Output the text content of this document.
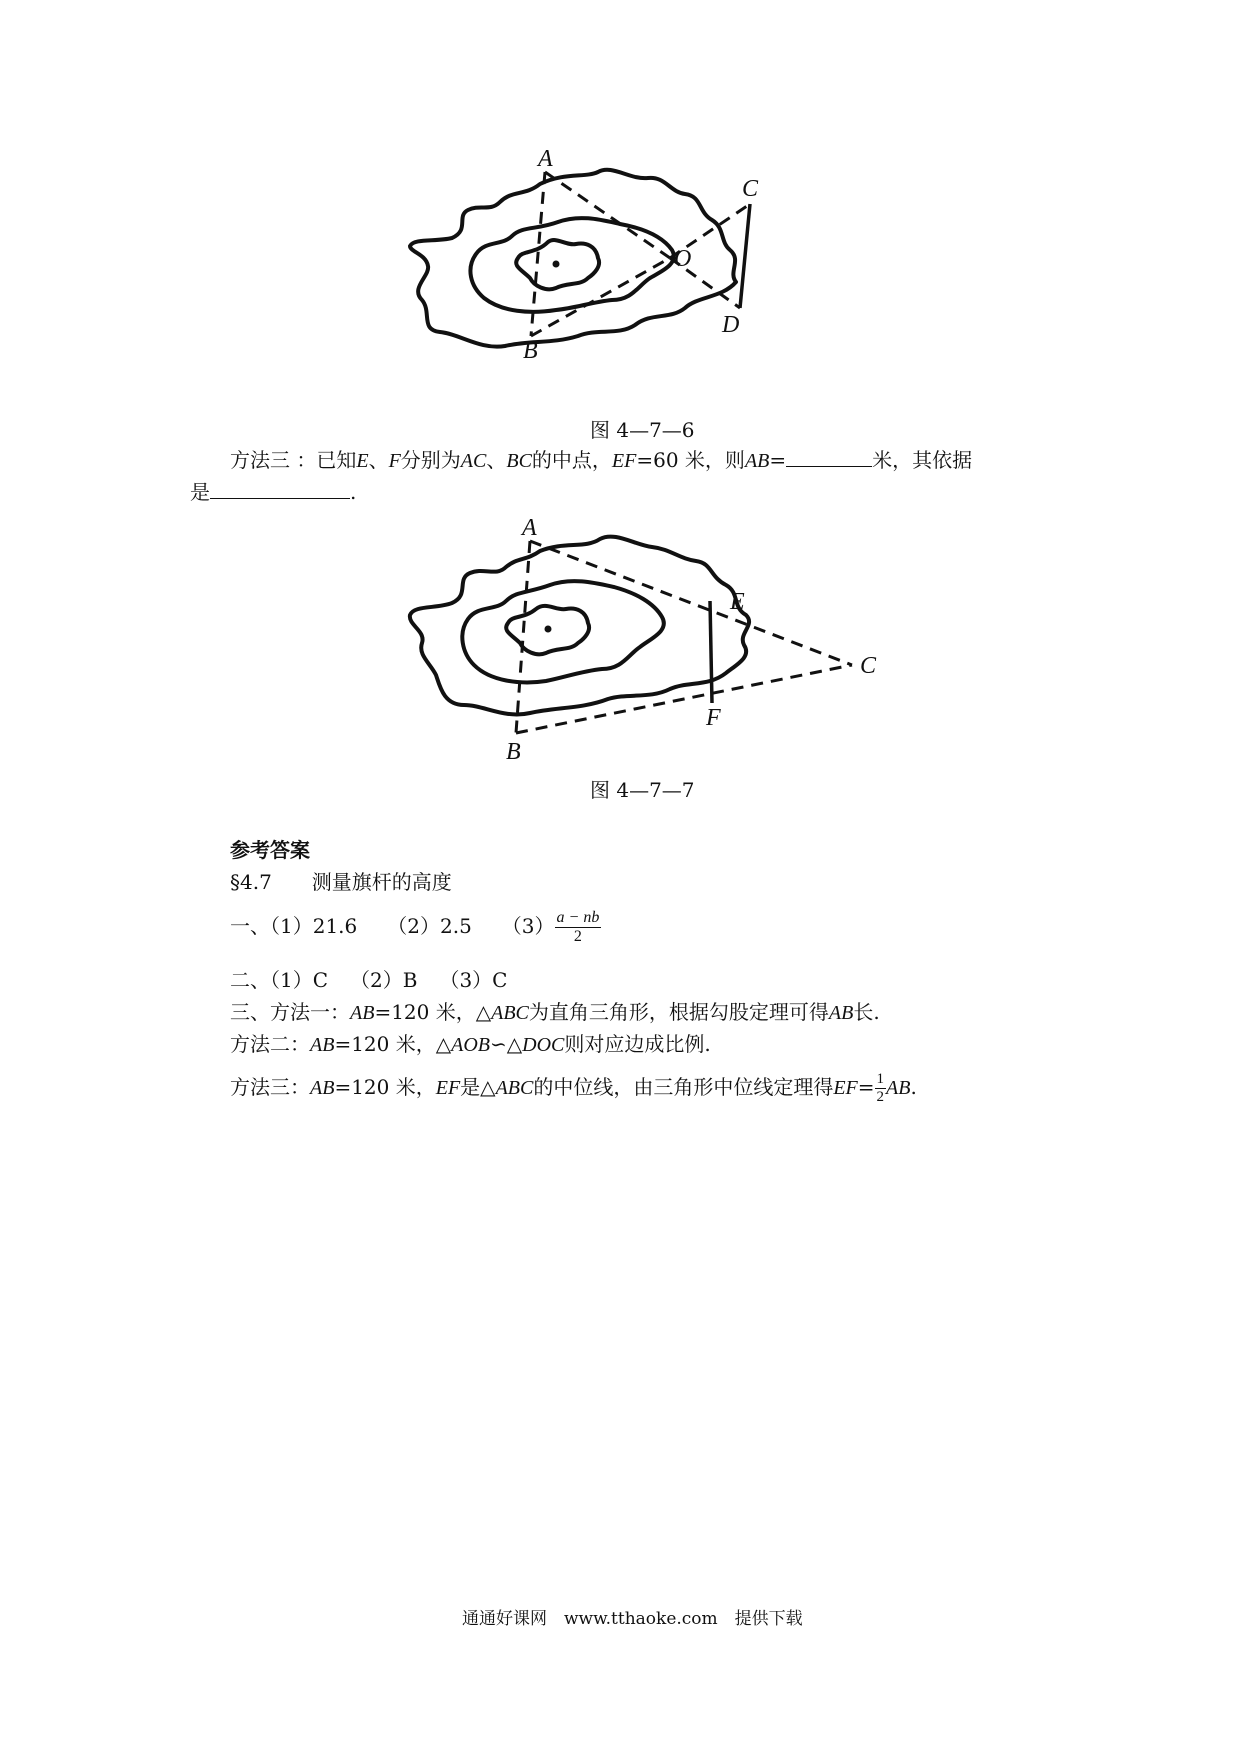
A
B
C
D
O
图 4—7—6
方法三 ：已知E、F分别为AC、BC的中点，EF=60 米，则AB=	米，其依据
是	.
A
B
C
E
F
图 4—7—7
参考答案
§4.7　　测量旗杆的高度
一、（1）21.6 （2）2.5 $(3) \frac{a - nb}{2}$
二、（1）C （2）B （3）C
三、方法一：AB=120 米，△ABC为直角三角形，根据勾股定理可得AB长.
方法二：AB=120 米，△AOB∽△DOC则对应边成比例.
方法三：AB=120 米，EF是△ABC的中位线，由三角形中位线定理得$EF= \frac{1}{2}$ AB.
通通好课网　www.tthaoke.com　提供下载
